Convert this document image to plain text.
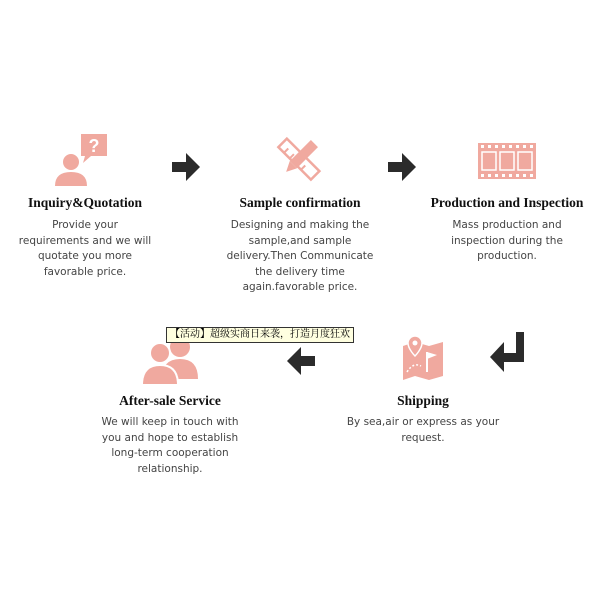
?
Inquiry&Quotation
Provide your
requirements and we will
quotate you more
favorable price.
Sample confirmation
Designing and making the
sample,and sample
delivery.Then Communicate
the delivery time
again.favorable price.
Production and Inspection
Mass production and
inspection during the
production.
Shipping
By sea,air or express as your
request.
After-sale Service
We will keep in touch with
you and hope to establish
long-term cooperation
relationship.
【活动】超级实商日来袭，打造月度狂欢
